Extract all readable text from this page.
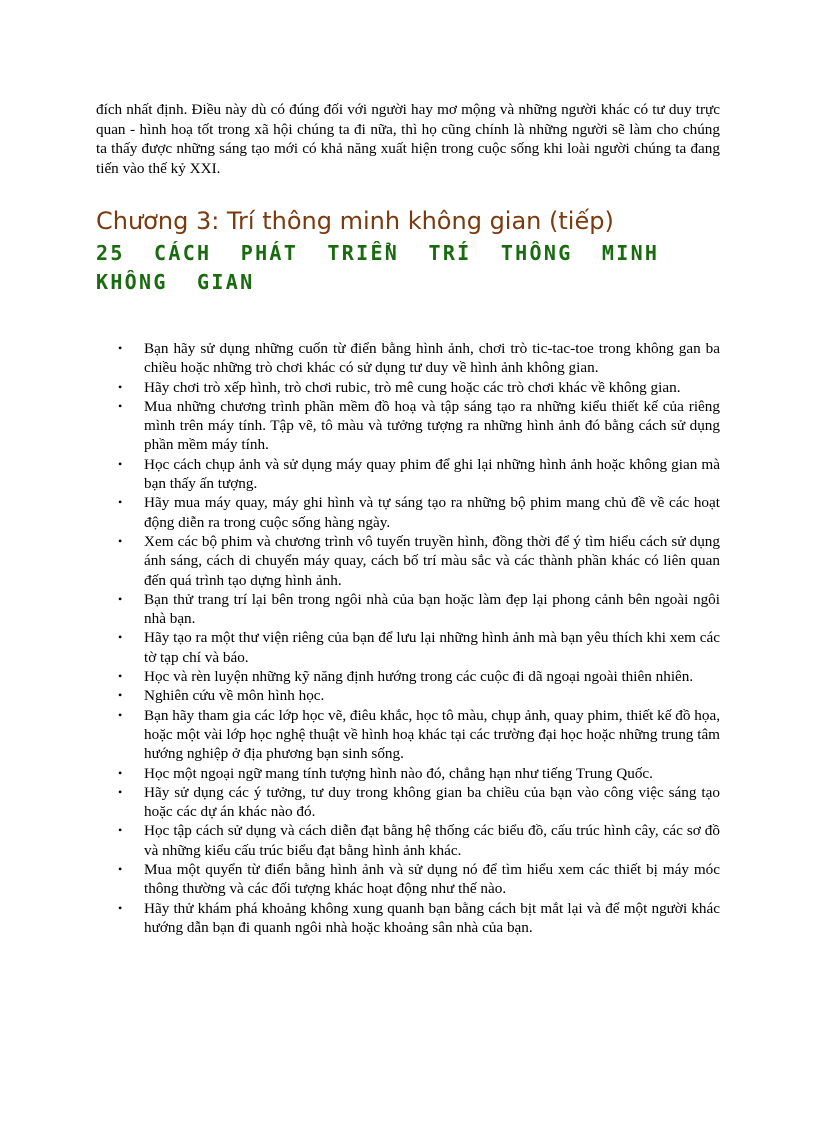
đích nhất định. Điều này dù có đúng đối với người hay mơ mộng và những người khác có tư duy trực quan - hình hoạ tốt trong xã hội chúng ta đi nữa, thì họ cũng chính là những người sẽ làm cho chúng ta thấy được những sáng tạo mới có khả năng xuất hiện trong cuộc sống khi loài người chúng ta đang tiến vào thế kỷ XXI.

Chương 3: Trí thông minh không gian (tiếp)
25 CÁCH PHÁT TRIỂN TRÍ THÔNG MINH KHÔNG GIAN
• Bạn hãy sử dụng những cuốn từ điển bằng hình ảnh, chơi trò tic-tac-toe trong không gan ba chiều hoặc những trò chơi khác có sử dụng tư duy về hình ảnh không gian.
• Hãy chơi trò xếp hình, trò chơi rubic, trò mê cung hoặc các trò chơi khác về không gian.
• Mua những chương trình phần mềm đồ hoạ và tập sáng tạo ra những kiểu thiết kế của riêng mình trên máy tính. Tập vẽ, tô màu và tưởng tượng ra những hình ảnh đó bằng cách sử dụng phần mềm máy tính.
• Học cách chụp ảnh và sử dụng máy quay phim để ghi lại những hình ảnh hoặc không gian mà bạn thấy ấn tượng.
• Hãy mua máy quay, máy ghi hình và tự sáng tạo ra những bộ phim mang chủ đề về các hoạt động diễn ra trong cuộc sống hàng ngày.
• Xem các bộ phim và chương trình vô tuyến truyền hình, đồng thời để ý tìm hiểu cách sử dụng ánh sáng, cách di chuyển máy quay, cách bố trí màu sắc và các thành phần khác có liên quan đến quá trình tạo dựng hình ảnh.
• Bạn thử trang trí lại bên trong ngôi nhà của bạn hoặc làm đẹp lại phong cảnh bên ngoài ngôi nhà bạn.
• Hãy tạo ra một thư viện riêng của bạn để lưu lại những hình ảnh mà bạn yêu thích khi xem các tờ tạp chí và báo.
• Học và rèn luyện những kỹ năng định hướng trong các cuộc đi dã ngoại ngoài thiên nhiên.
• Nghiên cứu về môn hình học.
• Bạn hãy tham gia các lớp học vẽ, điêu khắc, học tô màu, chụp ảnh, quay phim, thiết kế đồ họa, hoặc một vài lớp học nghệ thuật về hình hoạ khác tại các trường đại học hoặc những trung tâm hướng nghiệp ở địa phương bạn sinh sống.
• Học một ngoại ngữ mang tính tượng hình nào đó, chẳng hạn như tiếng Trung Quốc.
• Hãy sử dụng các ý tưởng, tư duy trong không gian ba chiều của bạn vào công việc sáng tạo hoặc các dự án khác nào đó.
• Học tập cách sử dụng và cách diễn đạt bằng hệ thống các biểu đồ, cấu trúc hình cây, các sơ đồ và những kiểu cấu trúc biểu đạt bằng hình ảnh khác.
• Mua một quyển từ điển bằng hình ảnh và sử dụng nó để tìm hiểu xem các thiết bị máy móc thông thường và các đối tượng khác hoạt động như thế nào.
• Hãy thử khám phá khoảng không xung quanh bạn bằng cách bịt mắt lại và để một người khác hướng dẫn bạn đi quanh ngôi nhà hoặc khoảng sân nhà của bạn.
